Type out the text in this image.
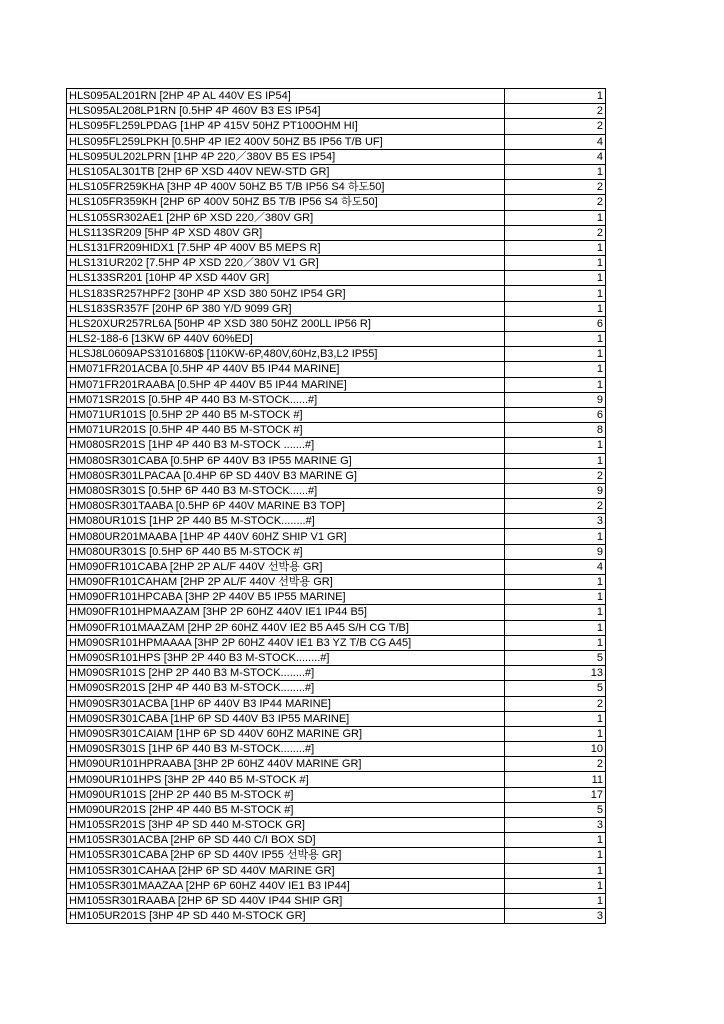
HLS095AL201RN [2HP 4P AL 440V ES IP54]	1
HLS095AL208LP1RN [0.5HP 4P 460V B3 ES IP54]	2
HLS095FL259LPDAG [1HP 4P 415V 50HZ PT100OHM HI]	2
HLS095FL259LPKH [0.5HP 4P IE2 400V 50HZ B5 IP56 T/B UF]	4
HLS095UL202LPRN [1HP 4P 220／380V B5 ES IP54]	4
HLS105AL301TB [2HP 6P XSD 440V NEW-STD GR]	1
HLS105FR259KHA [3HP 4P 400V 50HZ B5 T/B IP56 S4 하도50]	2
HLS105FR359KH [2HP 6P 400V 50HZ B5 T/B IP56 S4 하도50]	2
HLS105SR302AE1 [2HP 6P XSD 220／380V GR]	1
HLS113SR209 [5HP 4P XSD 480V GR]	2
HLS131FR209HIDX1 [7.5HP 4P 400V B5 MEPS R]	1
HLS131UR202 [7.5HP 4P XSD 220／380V V1 GR]	1
HLS133SR201 [10HP 4P XSD 440V GR]	1
HLS183SR257HPF2 [30HP 4P XSD 380 50HZ IP54 GR]	1
HLS183SR357F [20HP 6P 380 Y/D 9099 GR]	1
HLS20XUR257RL6A [50HP 4P XSD 380 50HZ 200LL IP56 R]	6
HLS2-188-6 [13KW 6P 440V 60%ED]	1
HLSJ8L0609APS3101680$ [110KW-6P,480V,60Hz,B3,L2 IP55]	1
HM071FR201ACBA [0.5HP 4P 440V B5 IP44 MARINE]	1
HM071FR201RAABA [0.5HP 4P 440V B5 IP44 MARINE]	1
HM071SR201S [0.5HP 4P 440 B3 M-STOCK......#]	9
HM071UR101S [0.5HP 2P 440 B5 M-STOCK #]	6
HM071UR201S [0.5HP 4P 440 B5 M-STOCK #]	8
HM080SR201S [1HP 4P 440 B3 M-STOCK .......#]	1
HM080SR301CABA [0.5HP 6P 440V B3 IP55 MARINE G]	1
HM080SR301LPACAA [0.4HP 6P SD 440V B3 MARINE G]	2
HM080SR301S [0.5HP 6P 440 B3 M-STOCK......#]	9
HM080SR301TAABA [0.5HP 6P 440V MARINE B3 TOP]	2
HM080UR101S [1HP 2P 440 B5 M-STOCK........#]	3
HM080UR201MAABA [1HP 4P 440V 60HZ SHIP V1 GR]	1
HM080UR301S [0.5HP 6P 440 B5 M-STOCK #]	9
HM090FR101CABA [2HP 2P AL/F 440V 선박용 GR]	4
HM090FR101CAHAM [2HP 2P AL/F 440V 선박용 GR]	1
HM090FR101HPCABA [3HP 2P 440V B5 IP55 MARINE]	1
HM090FR101HPMAAZAM [3HP 2P 60HZ 440V IE1 IP44 B5]	1
HM090FR101MAAZAM [2HP 2P 60HZ 440V IE2 B5 A45 S/H CG T/B]	1
HM090SR101HPMAAAA [3HP 2P 60HZ 440V IE1 B3 YZ T/B CG A45]	1
HM090SR101HPS [3HP 2P 440 B3 M-STOCK........#]	5
HM090SR101S [2HP 2P 440 B3 M-STOCK........#]	13
HM090SR201S [2HP 4P 440 B3 M-STOCK........#]	5
HM090SR301ACBA [1HP 6P 440V B3 IP44 MARINE]	2
HM090SR301CABA [1HP 6P SD 440V B3 IP55 MARINE]	1
HM090SR301CAIAM [1HP 6P SD 440V 60HZ MARINE GR]	1
HM090SR301S [1HP 6P 440 B3 M-STOCK........#]	10
HM090UR101HPRAABA [3HP 2P 60HZ 440V MARINE GR]	2
HM090UR101HPS [3HP 2P 440 B5 M-STOCK #]	11
HM090UR101S [2HP 2P 440 B5 M-STOCK #]	17
HM090UR201S [2HP 4P 440 B5 M-STOCK #]	5
HM105SR201S [3HP 4P SD 440 M-STOCK GR]	3
HM105SR301ACBA [2HP 6P SD 440 C/I BOX SD]	1
HM105SR301CABA [2HP 6P SD 440V IP55 선박용 GR]	1
HM105SR301CAHAA [2HP 6P SD 440V MARINE GR]	1
HM105SR301MAAZAA [2HP 6P 60HZ 440V IE1 B3 IP44]	1
HM105SR301RAABA [2HP 6P SD 440V IP44 SHIP GR]	1
HM105UR201S [3HP 4P SD 440 M-STOCK GR]	3
